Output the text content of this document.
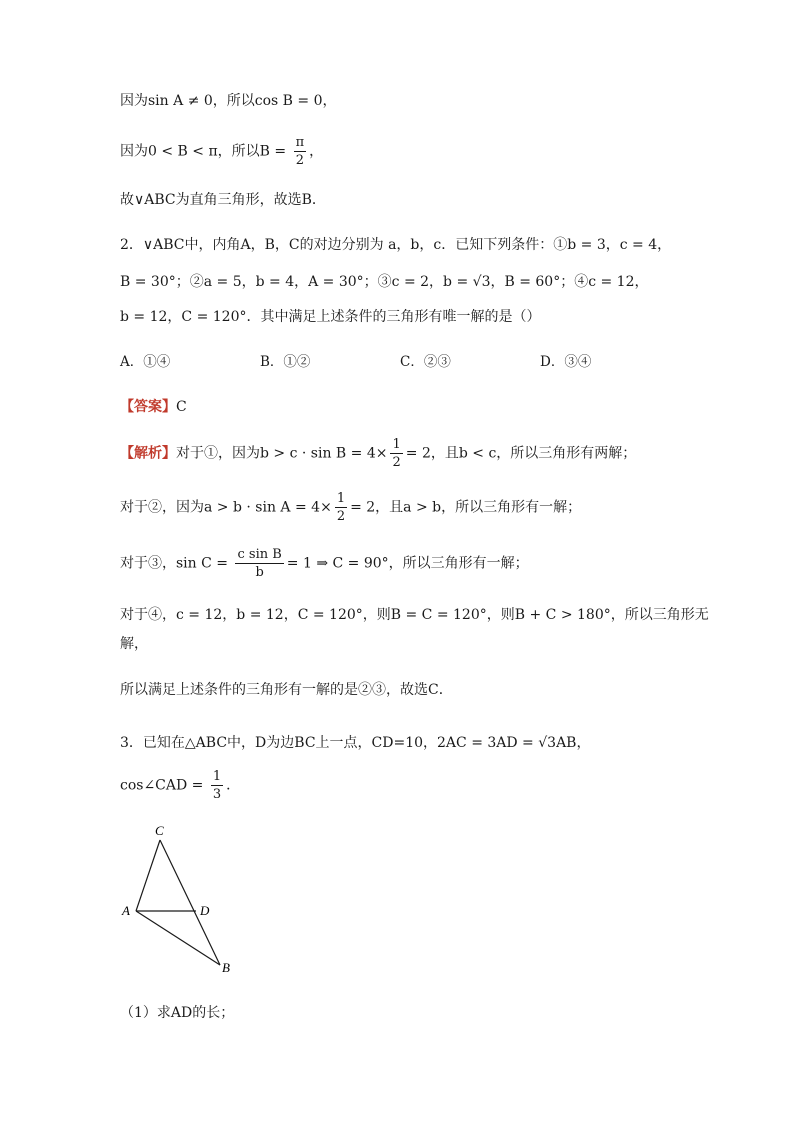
因为sin A ≠ 0，所以cos B = 0，
因为0 < B < π，所以$B = \frac{\pi}{2}$ ，
故∨ABC为直角三角形，故选B．
2．∨ABC中，内角A，B，C的对边分别为 a，b，c．已知下列条件：①b = 3，c = 4，
B = 30°；②a = 5，b = 4，A = 30°；③c = 2，b = √3，B = 60°；④c = 12，
b = 12，C = 120°．其中满足上述条件的三角形有唯一解的是（）
A．①④	B．①②	C．②③	D．③④
【答案】C
【解析】对于①，因为$b > c \cdot \sin B = 4\times \frac{1}{2} = 2$，且b < c，所以三角形有两解；
对于②，因为$a > b \cdot \sin A = 4\times \frac{1}{2} = 2$，且a > b，所以三角形有一解；
对于③，$\sin C = \frac{\text{c sin B}}{b} = 1$ ⇒ C = 90°，所以三角形有一解；
对于④，c = 12，b = 12，C = 120°，则B = C = 120°，则B + C > 180°，所以三角形无
解，
所以满足上述条件的三角形有一解的是②③，故选C．
3．已知在△ABC中，D为边BC上一点，CD=10，2AC = 3AD = √3AB，
cos∠CAD = $\frac{1}{3}$ ．
C
A	D
B
（1）求AD的长；
